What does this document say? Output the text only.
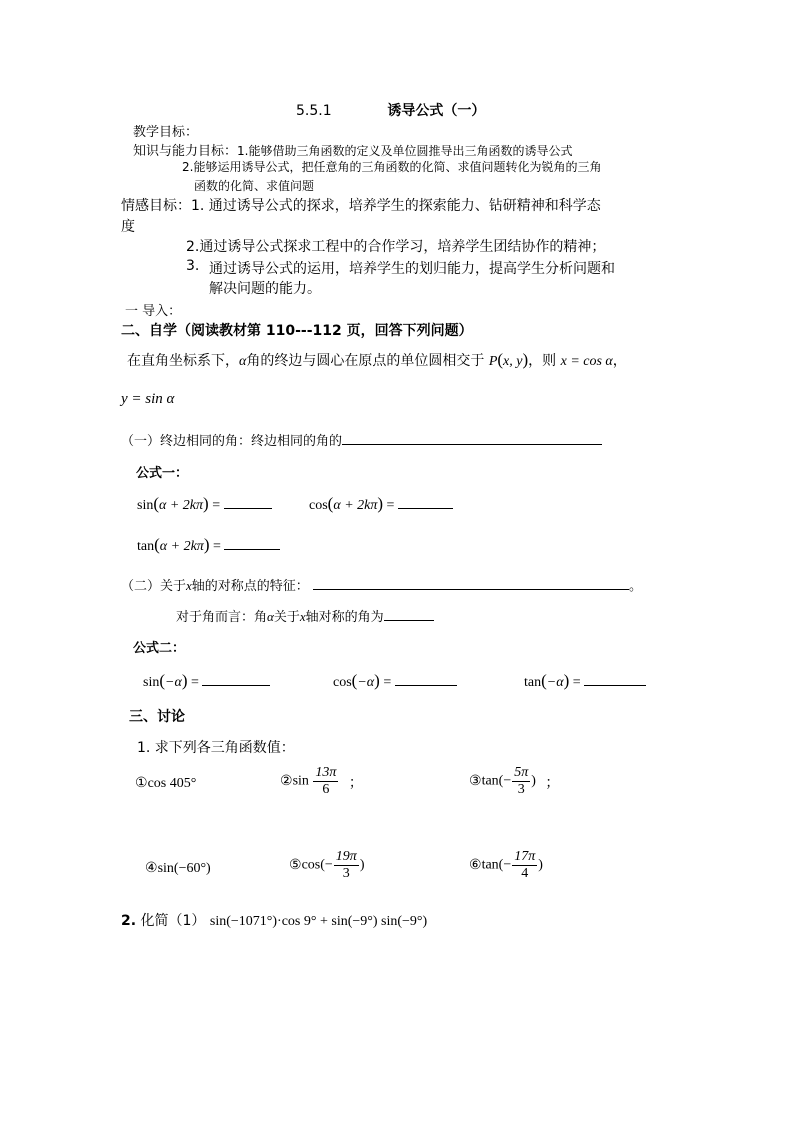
5.5.1	诱导公式（一）
教学目标：
知识与能力目标：1.能够借助三角函数的定义及单位圆推导出三角函数的诱导公式
2.能够运用诱导公式，把任意角的三角函数的化简、求值问题转化为锐角的三角
函数的化简、求值问题
情感目标：1. 通过诱导公式的探求，培养学生的探索能力、钻研精神和科学态
度
2.通过诱导公式探求工程中的合作学习，培养学生团结协作的精神；
3. 通过诱导公式的运用，培养学生的划归能力，提高学生分析问题和
解决问题的能力。
一 导入：
二、自学（阅读教材第 110---112 页，回答下列问题）
在直角坐标系下，α角的终边与圆心在原点的单位圆相交于 P(x, y)，则 x = cos α，
y = sin α
（一）终边相同的角：终边相同的角的
公式一：
sin(α + 2kπ) =	cos(α + 2kπ) =
tan(α + 2kπ) =
（二）关于x轴的对称点的特征：	。
对于角而言：角α关于x轴对称的角为
公式二：
sin(−α) =	cos(−α) =	tan(−α) =
三、讨论
1. 求下列各三角函数值：
①cos 405°	②sin $\frac{13\pi}{6}$ ；	③tan(− $\frac{5\pi}{3}$ ) ；
④sin(−60°)	⑤cos(− $\frac{19\pi}{3}$ )	⑥tan(− $\frac{17\pi}{4}$ )
2. 化简（1） sin(−1071°)·cos 9° + sin(−9°) sin(−9°)
